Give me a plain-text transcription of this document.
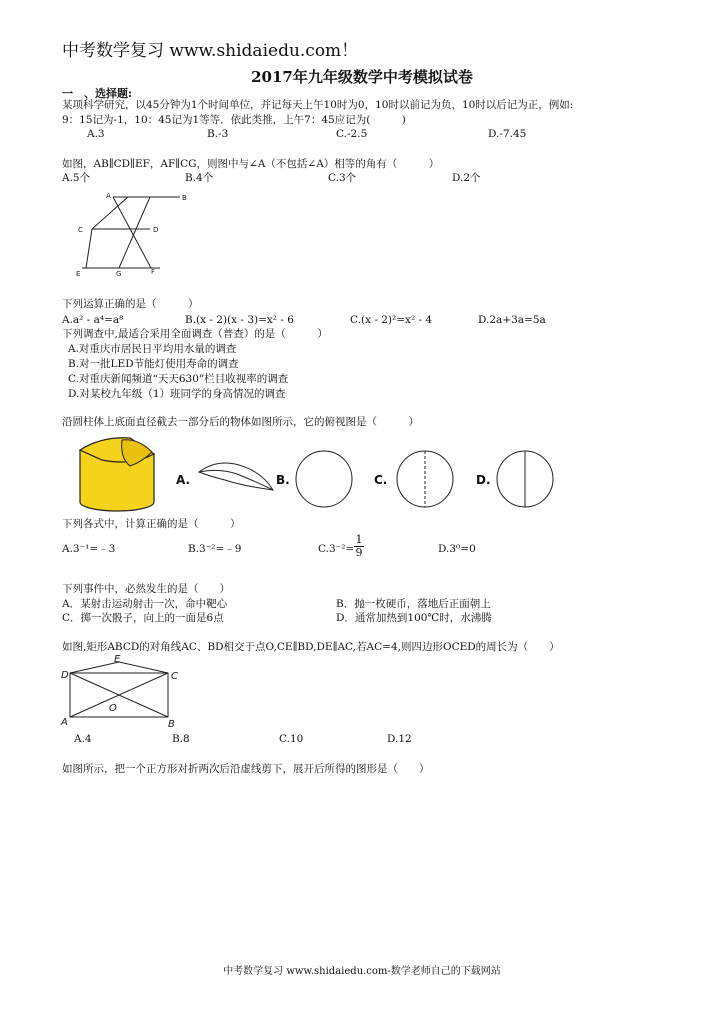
中考数学复习 www.shidaiedu.com！
2017年九年级数学中考模拟试卷
一　、选择题:
某项科学研究，以45分钟为1个时间单位，并记每天上午10时为0，10时以前记为负，10时以后记为正，例如:
9：15记为-1，10：45记为1等等．依此类推，上午7：45应记为(　　　)
A.3	B.-3	C.-2.5	D.-7.45
如图，AB∥CD∥EF，AF∥CG，则图中与∠A（不包括∠A）相等的角有（　　　）
A.5个	B.4个	C.3个	D.2个
A	B
C	D
E	G	F
下列运算正确的是（　　　）
A.a² - a⁴=a⁸	B.(x - 2)(x - 3)=x² - 6	C.(x - 2)²=x² - 4	D.2a+3a=5a
下列调查中,最适合采用全面调查（普查）的是（　　　）
A.对重庆市居民日平均用水量的调查
B.对一批LED节能灯使用寿命的调查
C.对重庆新闻频道“天天630”栏目收视率的调查
D.对某校九年级（1）班同学的身高情况的调查
沿圆柱体上底面直径截去一部分后的物体如图所示，它的俯视图是（　　　）
A.	B.	C.	D.
下列各式中，计算正确的是（　　　）
A.3⁻¹=﹣3	B.3⁻²=﹣9	$C.3^{-2}= \frac{1}{9}$	D.3⁰=0
下列事件中，必然发生的是（　　）
A．某射击运动射击一次，命中靶心	B．抛一枚硬币，落地后正面朝上
C．掷一次骰子，向上的一面是6点	D．通常加热到100℃时，水沸腾
如图,矩形ABCD的对角线AC、BD相交于点O,CE∥BD,DE∥AC,若AC=4,则四边形OCED的周长为（　　）
E
D	C
O
A	B
A.4	B.8	C.10	D.12
如图所示，把一个正方形对折两次后沿虚线剪下，展开后所得的图形是（　　）
中考数学复习 www.shidaiedu.com-数学老师自己的下载网站
